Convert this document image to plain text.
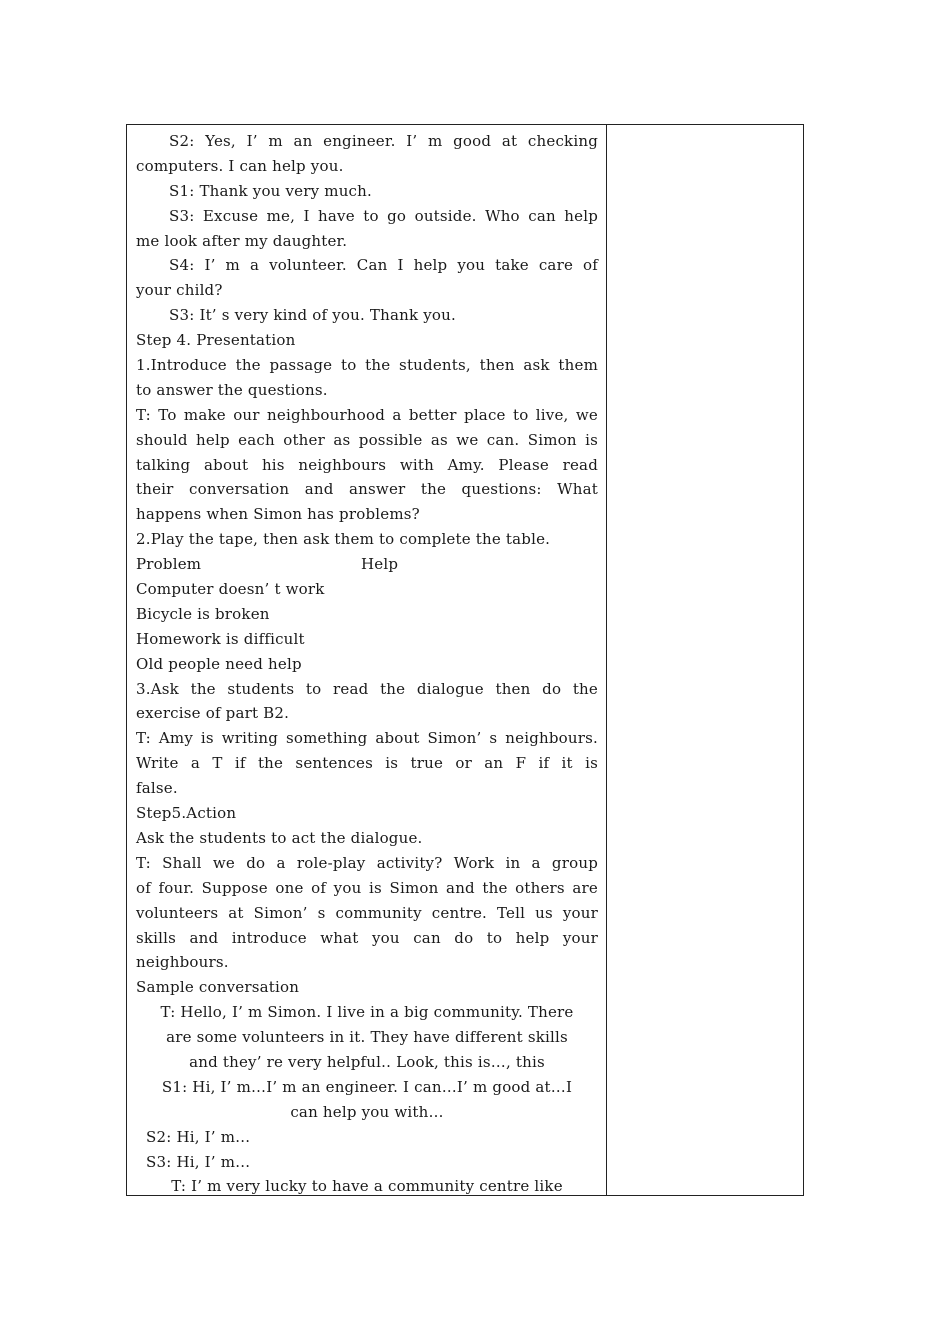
S2: Yes, I’ m an engineer. I’ m good at checking
computers. I can help you.
S1: Thank you very much.
S3: Excuse me, I have to go outside. Who can help
me look after my daughter.
S4: I’ m a volunteer. Can I help you take care of
your child?
S3: It’ s very kind of you. Thank you.
Step 4. Presentation
1.Introduce the passage to the students, then ask them
to answer the questions.
T: To make our neighbourhood a better place to live, we
should help each other as possible as we can. Simon is
talking about his neighbours with Amy. Please read
their conversation and answer the questions: What
happens when Simon has problems?
2.Play the tape, then ask them to complete the table.
Problem	Help
Computer doesn’ t work
Bicycle is broken
Homework is difficult
Old people need help
3.Ask the students to read the dialogue then do the
exercise of part B2.
T: Amy is writing something about Simon’ s neighbours.
Write a T if the sentences is true or an F if it is
false.
Step5.Action
Ask the students to act the dialogue.
T: Shall we do a role-play activity? Work in a group
of four. Suppose one of you is Simon and the others are
volunteers at Simon’ s community centre. Tell us your
skills and introduce what you can do to help your
neighbours.
Sample conversation
T: Hello, I’ m Simon. I live in a big community. There
are some volunteers in it. They have different skills
and they’ re very helpful.. Look, this is…, this
S1: Hi, I’ m…I’ m an engineer. I can…I’ m good at…I
can help you with…
S2: Hi, I’ m…
S3: Hi, I’ m…
T: I’ m very lucky to have a community centre like
